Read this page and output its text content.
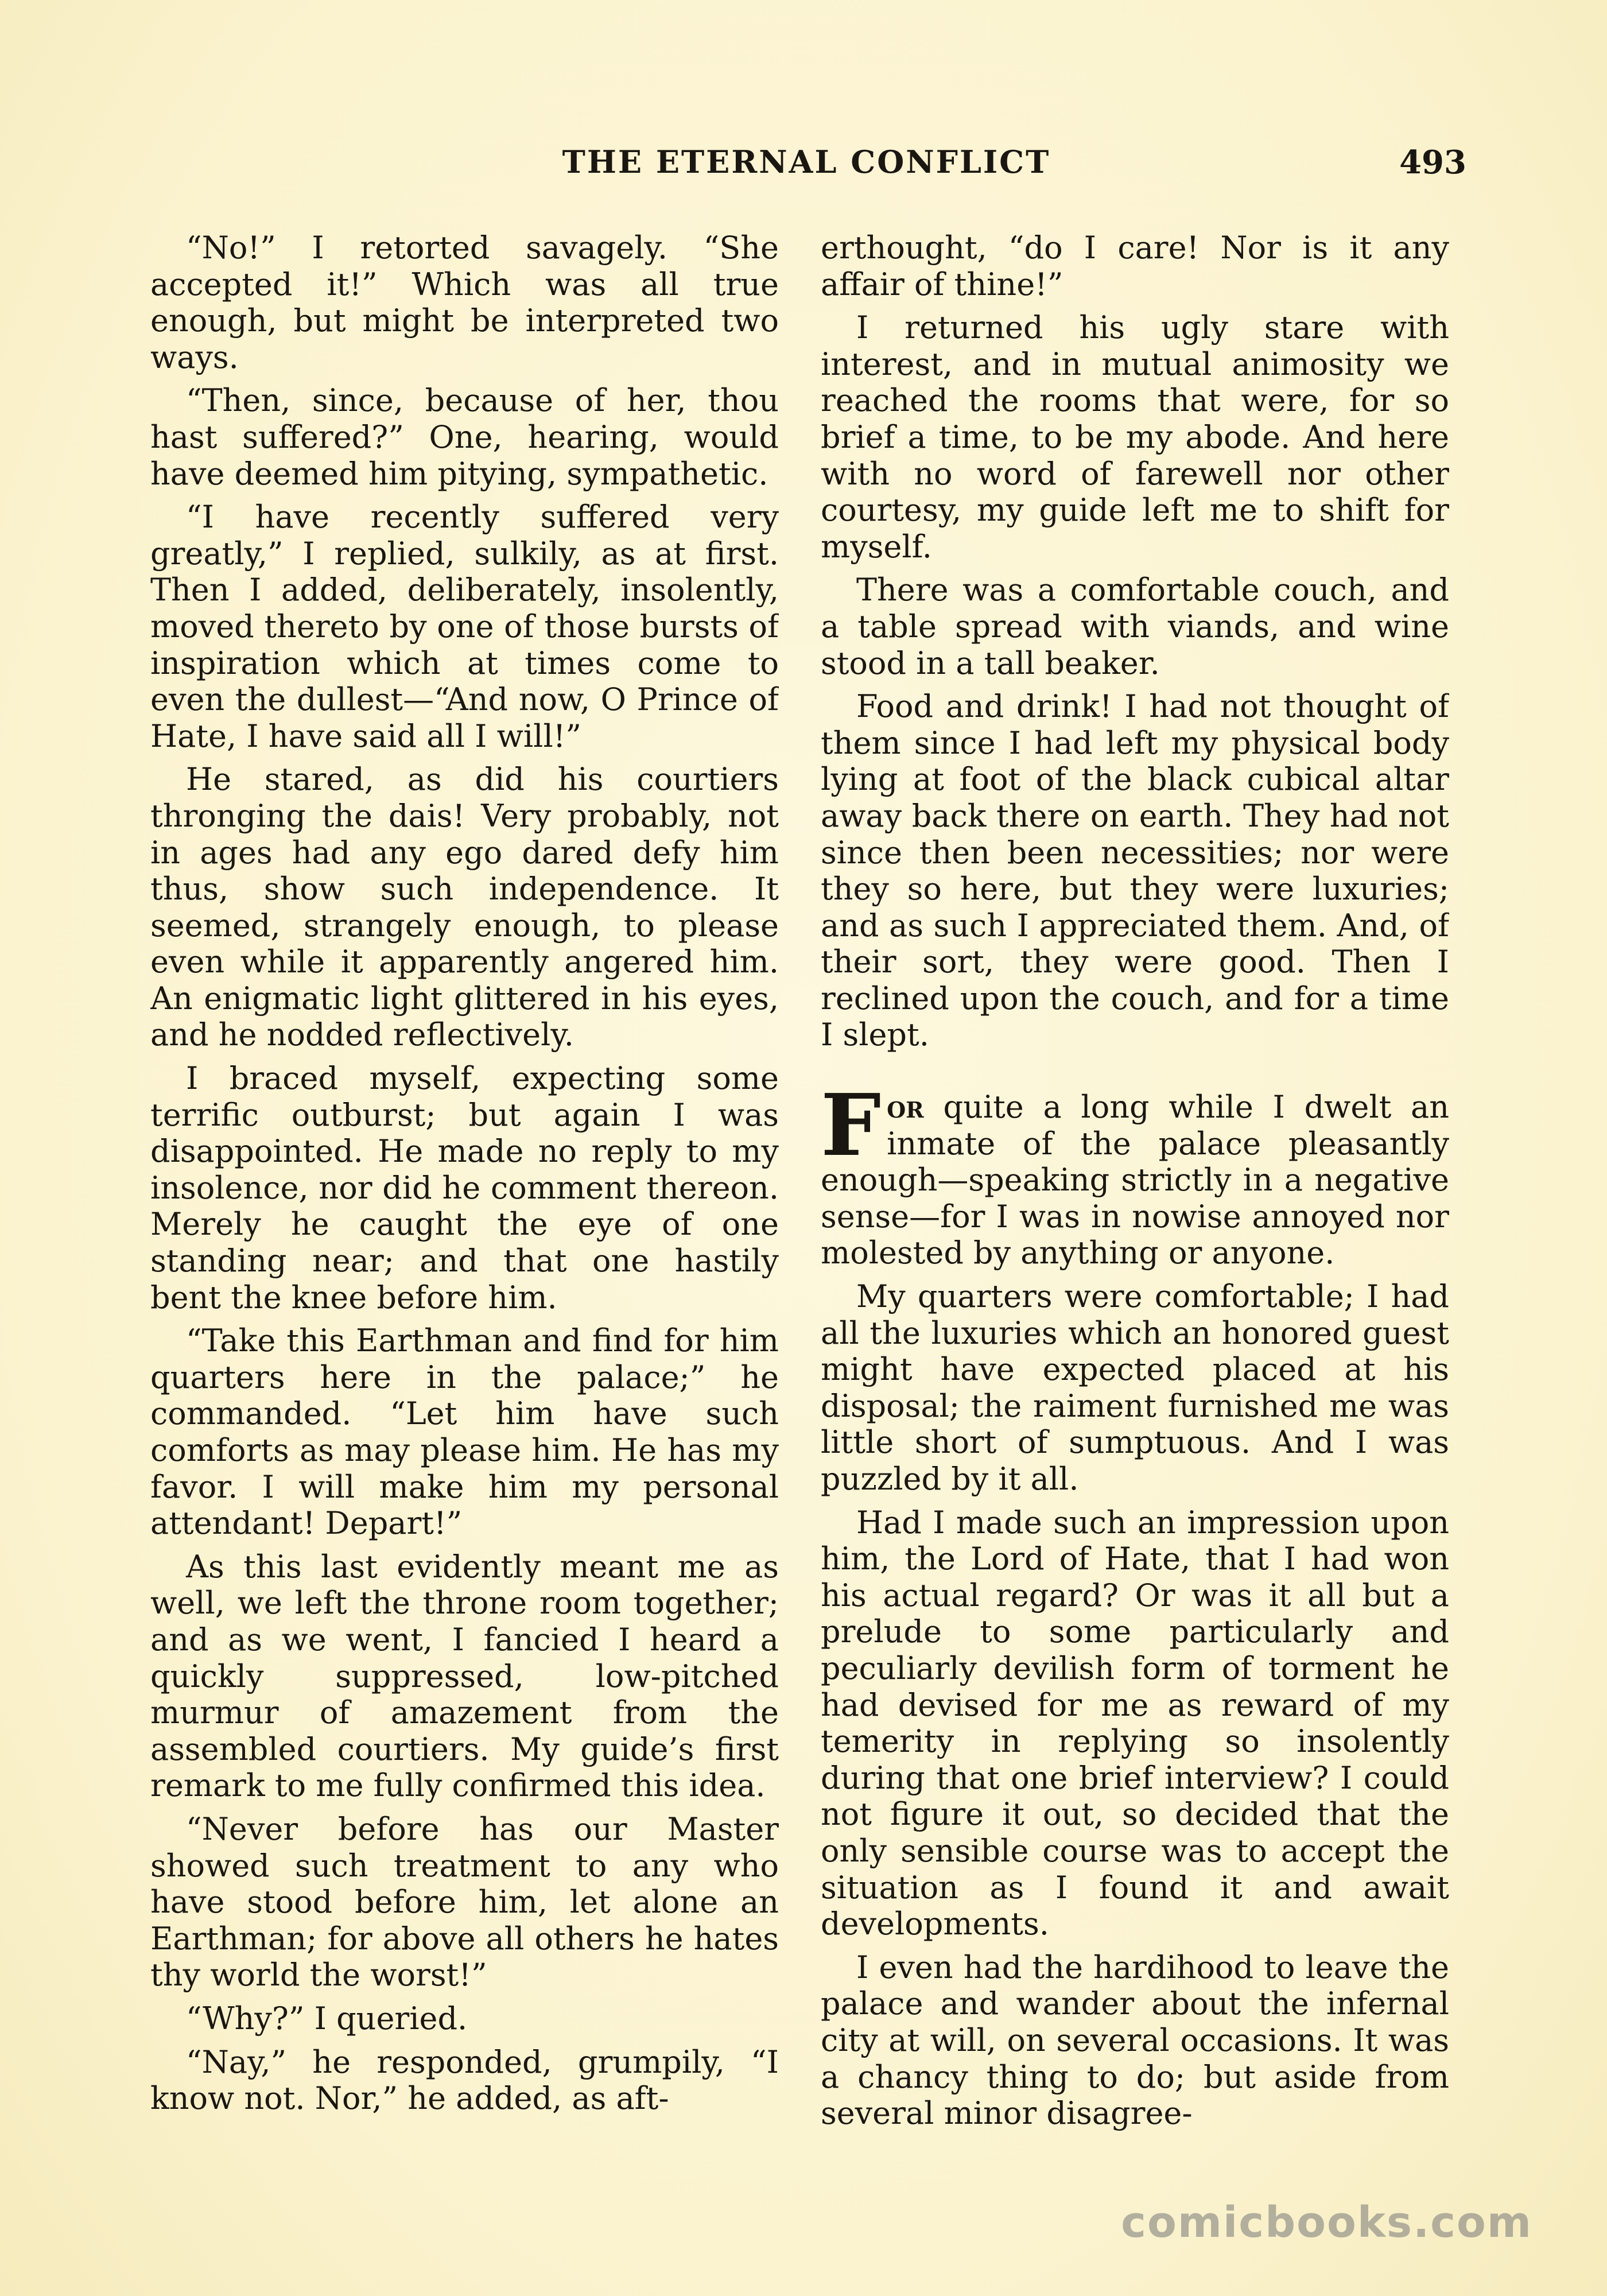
THE ETERNAL CONFLICT	493

“No!” I retorted savagely. “She accepted it!” Which was all true enough, but might be interpreted two ways.

“Then, since, because of her, thou hast suffered?” One, hearing, would have deemed him pitying, sympathetic.

“I have recently suffered very greatly,” I replied, sulkily, as at first. Then I added, deliberately, insolently, moved thereto by one of those bursts of inspiration which at times come to even the dullest—“And now, O Prince of Hate, I have said all I will!”

He stared, as did his courtiers thronging the dais! Very probably, not in ages had any ego dared defy him thus, show such independence. It seemed, strangely enough, to please even while it apparently angered him. An enigmatic light glittered in his eyes, and he nodded reflectively.

I braced myself, expecting some terrific outburst; but again I was disappointed. He made no reply to my insolence, nor did he comment thereon. Merely he caught the eye of one standing near; and that one hastily bent the knee before him.

“Take this Earthman and find for him quarters here in the palace;” he commanded. “Let him have such comforts as may please him. He has my favor. I will make him my personal attendant! Depart!”

As this last evidently meant me as well, we left the throne room together; and as we went, I fancied I heard a quickly suppressed, low-pitched murmur of amazement from the assembled courtiers. My guide’s first remark to me fully confirmed this idea.

“Never before has our Master showed such treatment to any who have stood before him, let alone an Earthman; for above all others he hates thy world the worst!”

“Why?” I queried.

“Nay,” he responded, grumpily, “I know not. Nor,” he added, as aft-

erthought, “do I care! Nor is it any affair of thine!”

I returned his ugly stare with interest, and in mutual animosity we reached the rooms that were, for so brief a time, to be my abode. And here with no word of farewell nor other courtesy, my guide left me to shift for myself.

There was a comfortable couch, and a table spread with viands, and wine stood in a tall beaker.

Food and drink! I had not thought of them since I had left my physical body lying at foot of the black cubical altar away back there on earth. They had not since then been necessities; nor were they so here, but they were luxuries; and as such I appreciated them. And, of their sort, they were good. Then I reclined upon the couch, and for a time I slept.

For quite a long while I dwelt an inmate of the palace pleasantly enough—speaking strictly in a negative sense—for I was in nowise annoyed nor molested by anything or anyone.

My quarters were comfortable; I had all the luxuries which an honored guest might have expected placed at his disposal; the raiment furnished me was little short of sumptuous. And I was puzzled by it all.

Had I made such an impression upon him, the Lord of Hate, that I had won his actual regard? Or was it all but a prelude to some particularly and peculiarly devilish form of torment he had devised for me as reward of my temerity in replying so insolently during that one brief interview? I could not figure it out, so decided that the only sensible course was to accept the situation as I found it and await developments.

I even had the hardihood to leave the palace and wander about the infernal city at will, on several occasions. It was a chancy thing to do; but aside from several minor disagree-

comicbooks.com
